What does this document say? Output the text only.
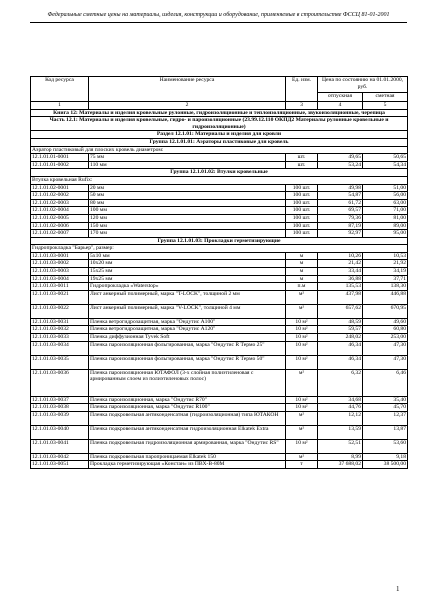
Федеральные сметные цены на материалы, изделия, конструкции и оборудование, применяемые в строительстве ФССЦ 81-01-2001
Код ресурса	Наименование ресурса	Ед. изм.	Цена по состоянию на 01.01.2000, руб.	
			отпускная	сметная
1	2	3	4	5
Книга 12: Материалы и изделия кровельные рулонные, гидроизоляционные и теплоизоляционные, звукоизоляционные, черепица				
Часть 12.1: Материалы и изделия кровельные, гидро- и пароизоляционные (23.99.12.110 ОКПД2 Материалы рулонные кровельные и гидроизоляционные)				
Раздел 12.1.01: Материалы и изделия для кровли				
Группа 12.1.01.01: Аэраторы пластиковые для кровель				
Аэратор пластиковый для плоских кровель диаметром:				
12.1.01.01-0001	75 мм	шт.	49,65	50,65
12.1.01.01-0002	110 мм	шт.	53,24	54,34
Группа 12.1.01.02: Втулки кровельные				
Втулка кровельная Rufix:				
12.1.01.02-0001	20 мм	100 шт.	49,98	51,00
12.1.01.02-0002	50 мм	100 шт.	54,87	56,00
12.1.01.02-0003	80 мм	100 шт.	61,72	63,00
12.1.01.02-0004	100 мм	100 шт.	69,57	71,00
12.1.01.02-0005	120 мм	100 шт.	79,36	81,00
12.1.01.02-0006	150 мм	100 шт.	87,19	89,00
12.1.01.02-0007	170 мм	100 шт.	92,97	95,00
Группа 12.1.01.03: Прокладки герметизирующие				
Гидропрокладка "Барьер", размер:				
12.1.01.03-0001	5x10 мм	м	10,26	10,53
12.1.01.03-0002	10x20 мм	м	21,42	21,92
12.1.01.03-0003	15x25 мм	м	33,44	34,19
12.1.01.03-0004	19x25 мм	м	36,88	37,71
12.1.01.03-0011	Гидропрокладка «Waterstop»	п.м	135,53	138,30
12.1.01.03-0021	Лист анкерный полимерный, марка "T-LOCK", толщиной 2 мм	м²	437,98	446,88
12.1.01.03-0022	Лист анкерный полимерный, марка "V-LOCK", толщиной 4 мм	м²	657,62	670,95
12.1.01.03-0031	Пленка ветрогидрозащитная, марка "Ондутис А100"	10 м²	48,59	49,60
12.1.01.03-0032	Пленка ветрогидрозащитная, марка "Ондутис А120"	10 м²	59,57	60,80
12.1.01.03-0033	Пленка диффузионная Tyvek Soft	10 м²	248,02	253,00
12.1.01.03-0034	Пленка пароизоляционная фольгированная, марка "Ондутис R Термо 25"	10 м²	46,34	47,30
12.1.01.03-0035	Пленка пароизоляционная фольгированная, марка "Ондутис R Термо 50"	10 м²	46,34	47,30
12.1.01.03-0036	Пленка пароизоляционная ЮТАФОЛ (3-х слойная полиэтиленовая с армированным слоем из полиэтиленовых полос)	м²	6,32	6,46
12.1.01.03-0037	Пленка пароизоляционная, марка "Ондутис R70"	10 м²	34,68	35,40
12.1.01.03-0038	Пленка пароизоляционная, марка "Ондутис R100"	10 м²	44,76	45,70
12.1.01.03-0039	Пленка подкровельная антиконденсатная (гидроизоляционная) типа ЮТАКОН	м²	12,12	12,37
12.1.01.03-0040	Пленка подкровельная антиконденсатная гидроизоляционная Elkatek Extra	м²	13,59	13,87
12.1.01.03-0041	Пленка подкровельная гидроизоляционная армированная, марка "Ондутис RS"	10 м²	52,51	53,60
12.1.01.03-0042	Пленка подкровельная паропроницаемая Elkatek 150	м²	8,99	9,18
12.1.01.03-0051	Прокладка герметизирующая «Констан» из ПВХ-В-80М	т	37 688,02	38 500,00
1
